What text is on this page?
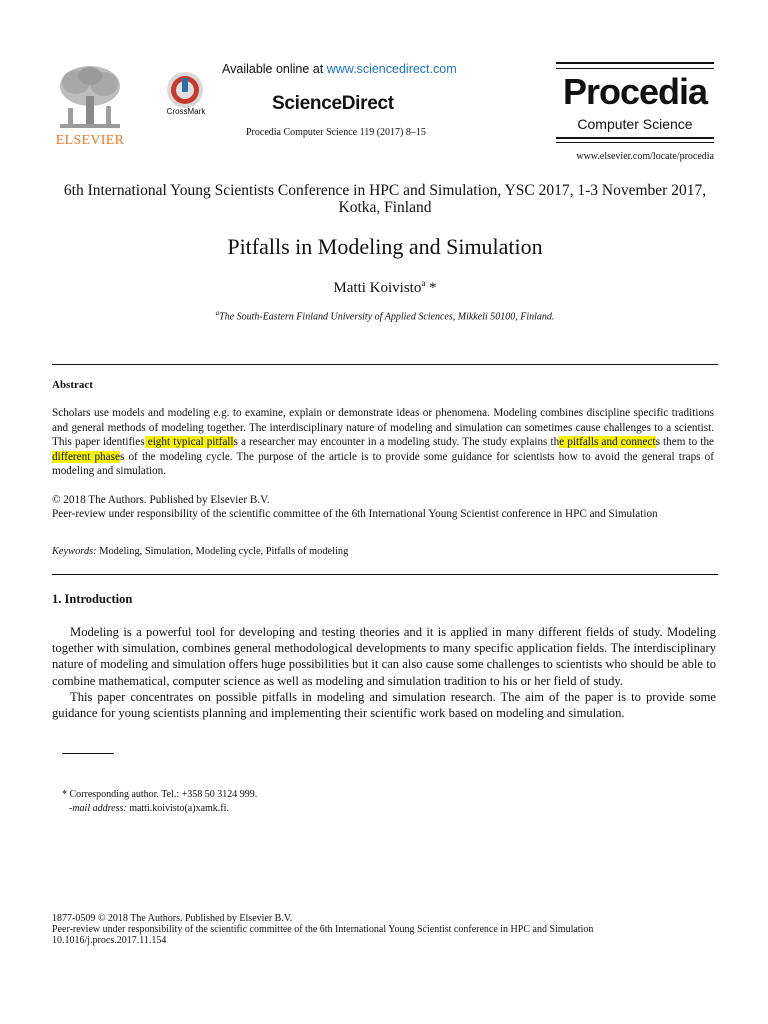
ELSEVIER
CrossMark
Available online at www.sciencedirect.com
ScienceDirect
Procedia Computer Science 119 (2017) 8–15
Procedia
Computer Science
www.elsevier.com/locate/procedia
6th International Young Scientists Conference in HPC and Simulation, YSC 2017, 1-3 November 2017, Kotka, Finland
Pitfalls in Modeling and Simulation
Matti Koivisto$^a$ *
$^a$The South-Eastern Finland University of Applied Sciences, Mikkeli 50100, Finland.
Abstract
Scholars use models and modeling e.g. to examine, explain or demonstrate ideas or phenomena. Modeling combines discipline specific traditions and general methods of modeling together. The interdisciplinary nature of modeling and simulation can sometimes cause challenges to a scientist. This paper identifies eight typical pitfalls a researcher may encounter in a modeling study. The study explains the pitfalls and connects them to the different phases of the modeling cycle. The purpose of the article is to provide some guidance for scientists how to avoid the general traps of modeling and simulation.
© 2018 The Authors. Published by Elsevier B.V.
Peer-review under responsibility of the scientific committee of the 6th International Young Scientist conference in HPC and Simulation
Keywords: Modeling, Simulation, Modeling cycle, Pitfalls of modeling
1. Introduction

Modeling is a powerful tool for developing and testing theories and it is applied in many different fields of study. Modeling together with simulation, combines general methodological developments to many specific application fields. The interdisciplinary nature of modeling and simulation offers huge possibilities but it can also cause some challenges to scientists who should be able to combine mathematical, computer science as well as modeling and simulation tradition to his or her field of study.

This paper concentrates on possible pitfalls in modeling and simulation research. The aim of the paper is to provide some guidance for young scientists planning and implementing their scientific work based on modeling and simulation.

* Corresponding author. Tel.: +358 50 3124 999.
-mail address: matti.koivisto(a)xamk.fi.
1877-0509 © 2018 The Authors. Published by Elsevier B.V.
Peer-review under responsibility of the scientific committee of the 6th International Young Scientist conference in HPC and Simulation
10.1016/j.procs.2017.11.154
